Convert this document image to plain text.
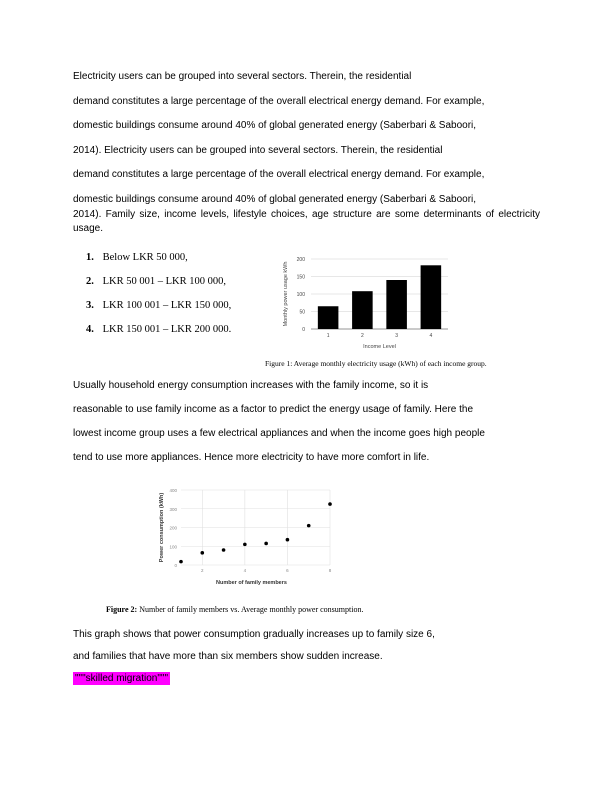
Electricity users can be grouped into several sectors. Therein, the residential
demand constitutes a large percentage of the overall electrical energy demand. For example,
domestic buildings consume around 40% of global generated energy (Saberbari & Saboori,
2014). Electricity users can be grouped into several sectors. Therein, the residential
demand constitutes a large percentage of the overall electrical energy demand. For example,
domestic buildings consume around 40% of global generated energy (Saberbari & Saboori,
2014). Family size, income levels, lifestyle choices, age structure are some determinants of electricity
usage.
1. Below LKR 50 000,
2. LKR 50 001 – LKR 100 000,
3. LKR 100 001 – LKR 150 000,
4. LKR 150 001 – LKR 200 000.	0
50
100
150
200
1	2	3	4
Income Level
Monthly power usage kWh
Figure 1: Average monthly electricity usage (kWh) of each income group.
Usually household energy consumption increases with the family income, so it is
reasonable to use family income as a factor to predict the energy usage of family. Here the
lowest income group uses a few electrical appliances and when the income goes high people
tend to use more appliances. Hence more electricity to have more comfort in life.
0
100
200
300
400
2	4	6	8
Number of family members
Power consumption (kWh)
Figure 2: Number of family members vs. Average monthly power consumption.
This graph shows that power consumption gradually increases up to family size 6,
and families that have more than six members show sudden increase.
"""skilled migration"""
